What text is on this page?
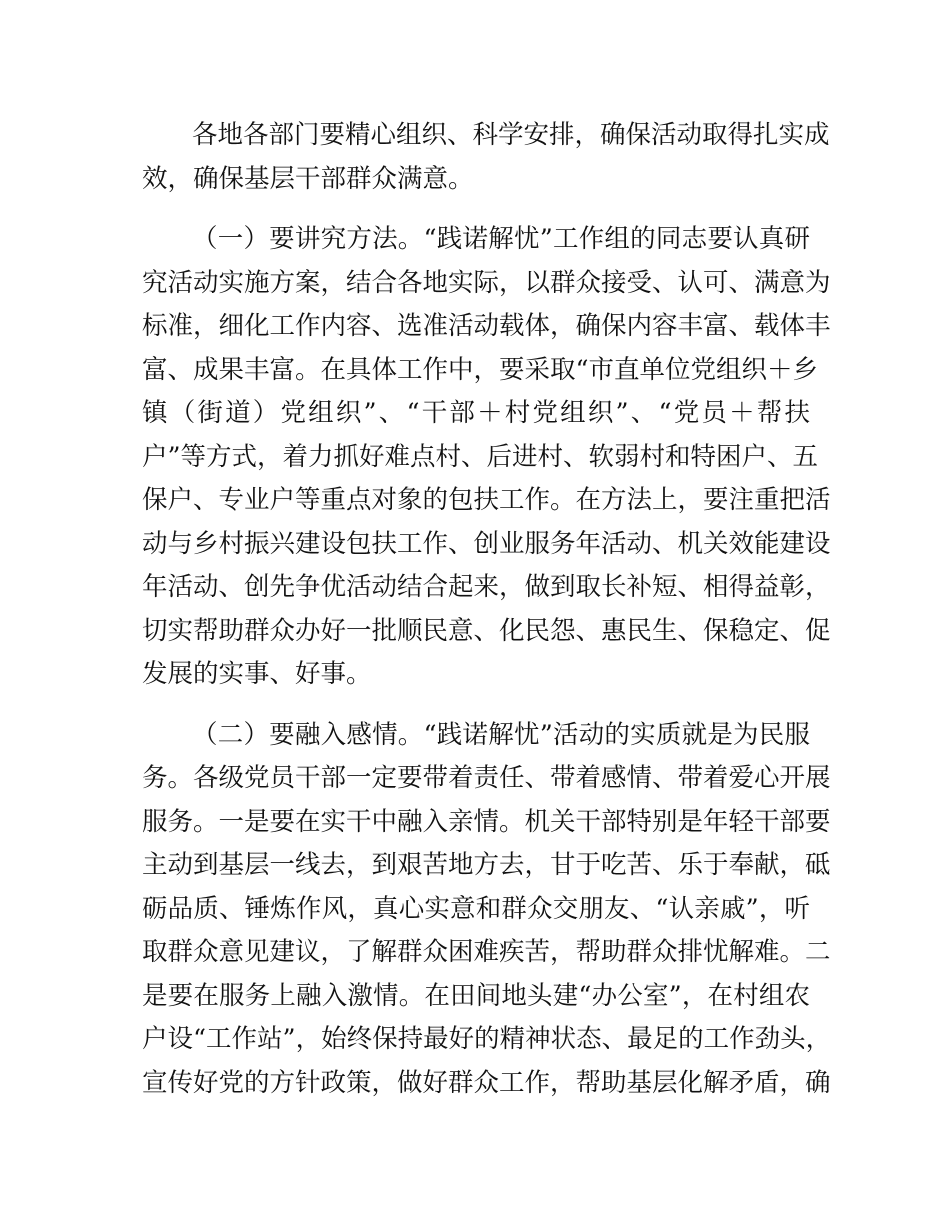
各地各部门要精心组织、科学安排，确保活动取得扎实成
效，确保基层干部群众满意。
（一）要讲究方法。“践诺解忧”工作组的同志要认真研
究活动实施方案，结合各地实际，以群众接受、认可、满意为
标准，细化工作内容、选准活动载体，确保内容丰富、载体丰
富、成果丰富。在具体工作中，要采取“市直单位党组织＋乡
镇（街道）党组织”、“干部＋村党组织”、“党员＋帮扶
户”等方式，着力抓好难点村、后进村、软弱村和特困户、五
保户、专业户等重点对象的包扶工作。在方法上，要注重把活
动与乡村振兴建设包扶工作、创业服务年活动、机关效能建设
年活动、创先争优活动结合起来，做到取长补短、相得益彰，
切实帮助群众办好一批顺民意、化民怨、惠民生、保稳定、促
发展的实事、好事。
（二）要融入感情。“践诺解忧”活动的实质就是为民服
务。各级党员干部一定要带着责任、带着感情、带着爱心开展
服务。一是要在实干中融入亲情。机关干部特别是年轻干部要
主动到基层一线去，到艰苦地方去，甘于吃苦、乐于奉献，砥
砺品质、锤炼作风，真心实意和群众交朋友、“认亲戚”，听
取群众意见建议，了解群众困难疾苦，帮助群众排忧解难。二
是要在服务上融入激情。在田间地头建“办公室”，在村组农
户设“工作站”，始终保持最好的精神状态、最足的工作劲头，
宣传好党的方针政策，做好群众工作，帮助基层化解矛盾，确
